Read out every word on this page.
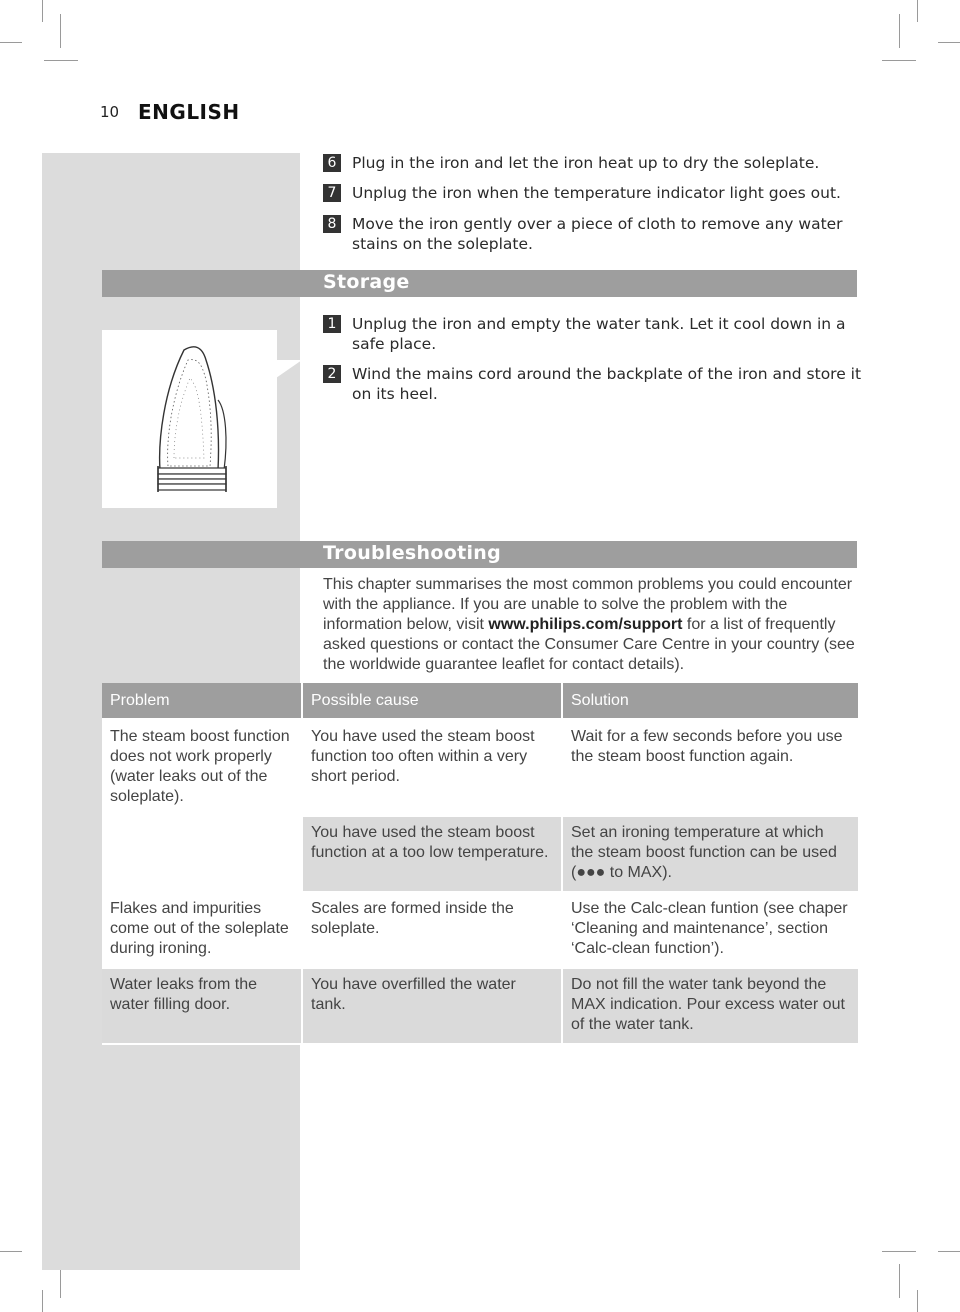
10 ENGLISH
6 Plug in the iron and let the iron heat up to dry the soleplate.
7 Unplug the iron when the temperature indicator light goes out.
8 Move the iron gently over a piece of cloth to remove any water stains on the soleplate.
Storage
1 Unplug the iron and empty the water tank. Let it cool down in a safe place.
2 Wind the mains cord around the backplate of the iron and store it on its heel.
Troubleshooting
This chapter summarises the most common problems you could encounter with the appliance. If you are unable to solve the problem with the information below, visit www.philips.com/support for a list of frequently asked questions or contact the Consumer Care Centre in your country (see the worldwide guarantee leaflet for contact details).
Problem	Possible cause	Solution
The steam boost function does not work properly (water leaks out of the soleplate).	You have used the steam boost function too often within a very short period.	Wait for a few seconds before you use the steam boost function again.
	You have used the steam boost function at a too low temperature.	Set an ironing temperature at which the steam boost function can be used (●●● to MAX).
Flakes and impurities come out of the soleplate during ironing.	Scales are formed inside the soleplate.	Use the Calc-clean funtion (see chaper ‘Cleaning and maintenance’, section ‘Calc-clean function’).
Water leaks from the water filling door.	You have overfilled the water tank.	Do not fill the water tank beyond the MAX indication. Pour excess water out of the water tank.
